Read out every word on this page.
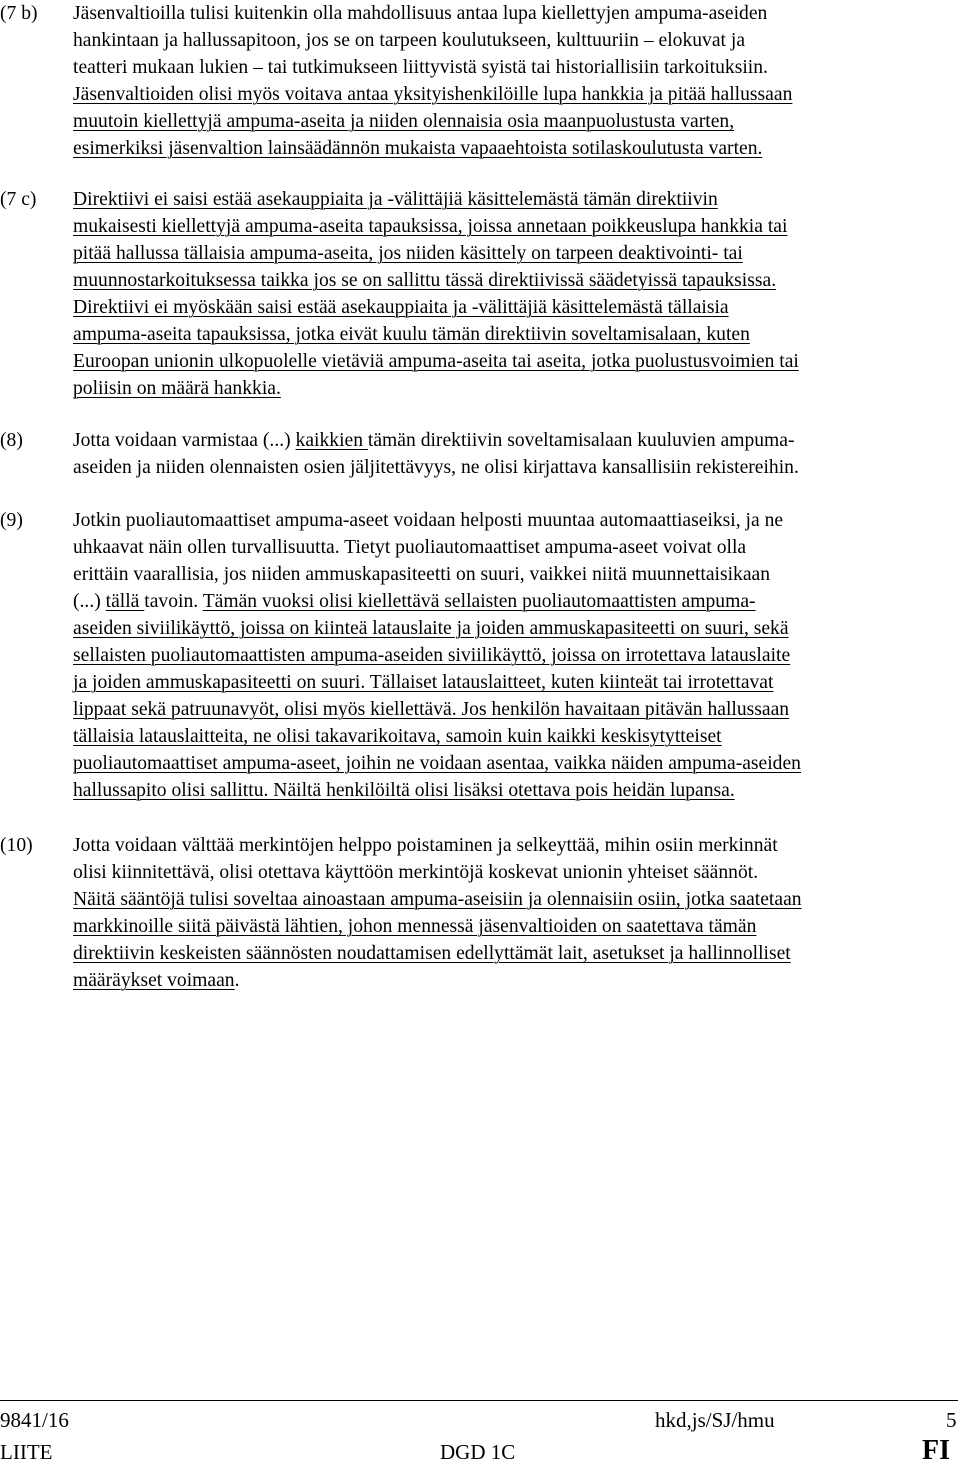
(7 b)	Jäsenvaltioilla tulisi kuitenkin olla mahdollisuus antaa lupa kiellettyjen ampuma-aseiden
hankintaan ja hallussapitoon, jos se on tarpeen koulutukseen, kulttuuriin – elokuvat ja
teatteri mukaan lukien – tai tutkimukseen liittyvistä syistä tai historiallisiin tarkoituksiin.
Jäsenvaltioiden olisi myös voitava antaa yksityishenkilöille lupa hankkia ja pitää hallussaan
muutoin kiellettyjä ampuma-aseita ja niiden olennaisia osia maanpuolustusta varten,
esimerkiksi jäsenvaltion lainsäädännön mukaista vapaaehtoista sotilaskoulutusta varten.
(7 c)	Direktiivi ei saisi estää asekauppiaita ja -välittäjiä käsittelemästä tämän direktiivin
mukaisesti kiellettyjä ampuma-aseita tapauksissa, joissa annetaan poikkeuslupa hankkia tai
pitää hallussa tällaisia ampuma-aseita, jos niiden käsittely on tarpeen deaktivointi- tai
muunnostarkoituksessa taikka jos se on sallittu tässä direktiivissä säädetyissä tapauksissa.
Direktiivi ei myöskään saisi estää asekauppiaita ja -välittäjiä käsittelemästä tällaisia
ampuma-aseita tapauksissa, jotka eivät kuulu tämän direktiivin soveltamisalaan, kuten
Euroopan unionin ulkopuolelle vietäviä ampuma-aseita tai aseita, jotka puolustusvoimien tai
poliisin on määrä hankkia.
(8)	Jotta voidaan varmistaa (...) kaikkien tämän direktiivin soveltamisalaan kuuluvien ampuma-
aseiden ja niiden olennaisten osien jäljitettävyys, ne olisi kirjattava kansallisiin rekistereihin.
(9)	Jotkin puoliautomaattiset ampuma-aseet voidaan helposti muuntaa automaattiaseiksi, ja ne
uhkaavat näin ollen turvallisuutta. Tietyt puoliautomaattiset ampuma-aseet voivat olla
erittäin vaarallisia, jos niiden ammuskapasiteetti on suuri, vaikkei niitä muunnettaisikaan
(...) tällä tavoin. Tämän vuoksi olisi kiellettävä sellaisten puoliautomaattisten ampuma-
aseiden siviilikäyttö, joissa on kiinteä latauslaite ja joiden ammuskapasiteetti on suuri, sekä
sellaisten puoliautomaattisten ampuma-aseiden siviilikäyttö, joissa on irrotettava latauslaite
ja joiden ammuskapasiteetti on suuri. Tällaiset latauslaitteet, kuten kiinteät tai irrotettavat
lippaat sekä patruunavyöt, olisi myös kiellettävä. Jos henkilön havaitaan pitävän hallussaan
tällaisia latauslaitteita, ne olisi takavarikoitava, samoin kuin kaikki keskisytytteiset
puoliautomaattiset ampuma-aseet, joihin ne voidaan asentaa, vaikka näiden ampuma-aseiden
hallussapito olisi sallittu. Näiltä henkilöiltä olisi lisäksi otettava pois heidän lupansa.
(10)	Jotta voidaan välttää merkintöjen helppo poistaminen ja selkeyttää, mihin osiin merkinnät
olisi kiinnitettävä, olisi otettava käyttöön merkintöjä koskevat unionin yhteiset säännöt.
Näitä sääntöjä tulisi soveltaa ainoastaan ampuma-aseisiin ja olennaisiin osiin, jotka saatetaan
markkinoille siitä päivästä lähtien, johon mennessä jäsenvaltioiden on saatettava tämän
direktiivin keskeisten säännösten noudattamisen edellyttämät lait, asetukset ja hallinnolliset
määräykset voimaan.
9841/16	hkd,js/SJ/hmu	5
LIITE	DGD 1C	FI
